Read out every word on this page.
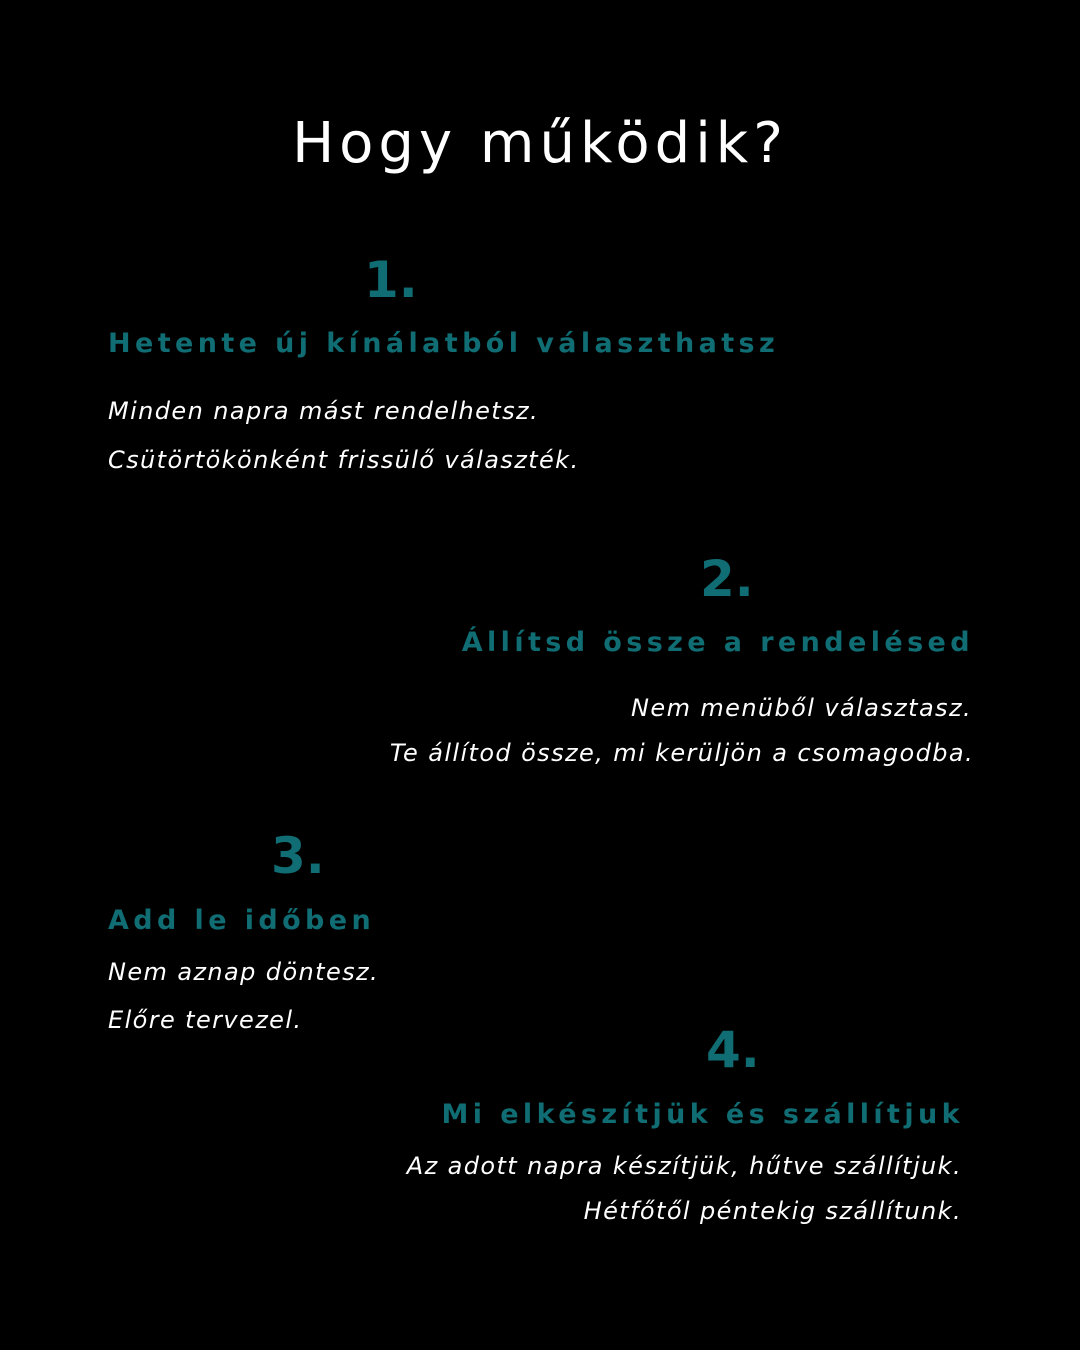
Hogy működik?
1.
Hetente új kínálatból választhatsz
Minden napra mást rendelhetsz.
Csütörtökönként frissülő választék.
2.
Állítsd össze a rendelésed
Nem menüből választasz.
Te állítod össze, mi kerüljön a csomagodba.
3.
Add le időben
Nem aznap döntesz.
Előre tervezel.
4.
Mi elkészítjük és szállítjuk
Az adott napra készítjük, hűtve szállítjuk.
Hétfőtől péntekig szállítunk.
